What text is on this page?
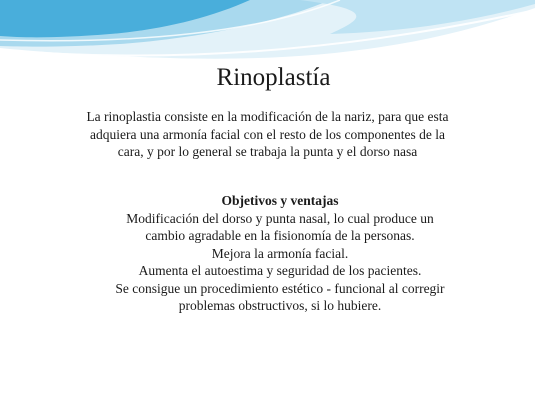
Rinoplastía
La rinoplastia consiste en la modificación de la nariz, para que esta adquiera una armonía facial con el resto de los componentes de la cara, y por lo general se trabaja la punta y el dorso nasa
Objetivos y ventajas
Modificación del dorso y punta nasal, lo cual produce un cambio agradable en la fisionomía de la personas.
Mejora la armonía facial.
Aumenta el autoestima y seguridad de los pacientes.
Se consigue un procedimiento estético - funcional al corregir problemas obstructivos, si lo hubiere.
